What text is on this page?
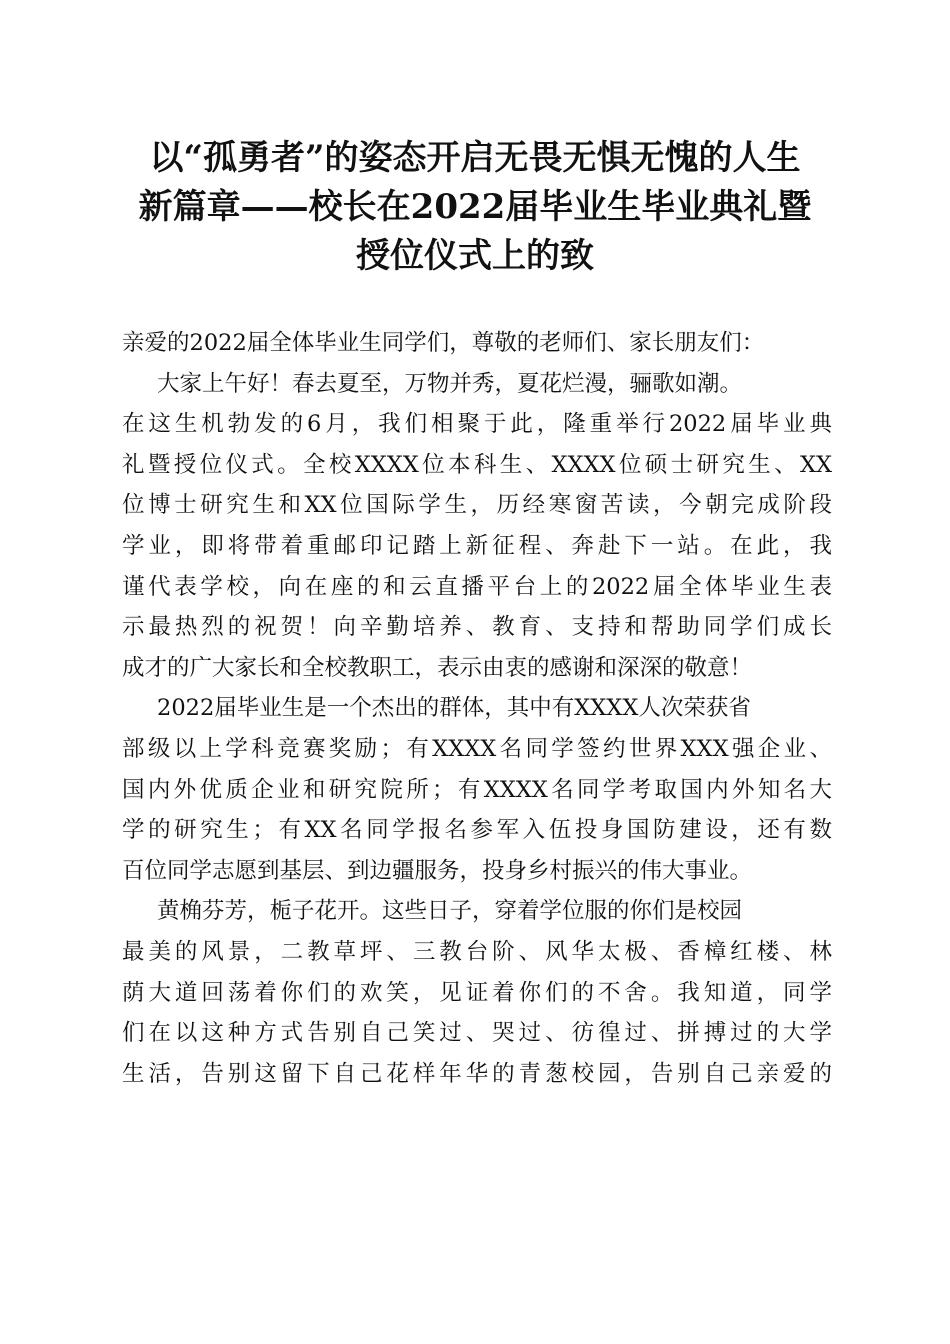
以“孤勇者”的姿态开启无畏无惧无愧的人生
新篇章——校长在2022届毕业生毕业典礼暨
授位仪式上的致
亲爱的2022届全体毕业生同学们，尊敬的老师们、家长朋友们：
大家上午好！春去夏至，万物并秀，夏花烂漫，骊歌如潮。
在这生机勃发的6月，我们相聚于此，隆重举行2022届毕业典
礼暨授位仪式。全校XXXX位本科生、XXXX位硕士研究生、XX
位博士研究生和XX位国际学生，历经寒窗苦读，今朝完成阶段
学业，即将带着重邮印记踏上新征程、奔赴下一站。在此，我
谨代表学校，向在座的和云直播平台上的2022届全体毕业生表
示最热烈的祝贺！向辛勤培养、教育、支持和帮助同学们成长
成才的广大家长和全校教职工，表示由衷的感谢和深深的敬意！
2022届毕业生是一个杰出的群体，其中有XXXX人次荣获省
部级以上学科竞赛奖励；有XXXX名同学签约世界XXX强企业、
国内外优质企业和研究院所；有XXXX名同学考取国内外知名大
学的研究生；有XX名同学报名参军入伍投身国防建设，还有数
百位同学志愿到基层、到边疆服务，投身乡村振兴的伟大事业。
黄桷芬芳，栀子花开。这些日子，穿着学位服的你们是校园
最美的风景，二教草坪、三教台阶、风华太极、香樟红楼、林
荫大道回荡着你们的欢笑，见证着你们的不舍。我知道，同学
们在以这种方式告别自己笑过、哭过、彷徨过、拼搏过的大学
生活，告别这留下自己花样年华的青葱校园，告别自己亲爱的
